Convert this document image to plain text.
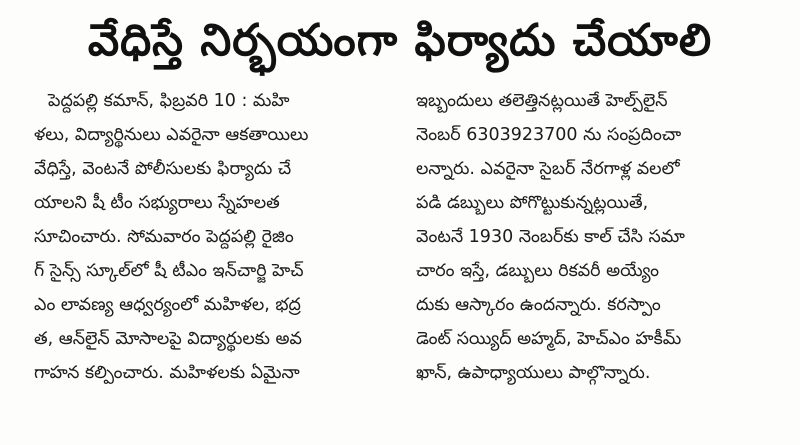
వేధిస్తే నిర్భయంగా ఫిర్యాదు చేయాలి
పెద్దపల్లి కమాన్, ఫిబ్రవరి 10 : మహి
ళలు, విద్యార్థినులు ఎవరైనా ఆకతాయిలు
వేధిస్తే, వెంటనే పోలీసులకు ఫిర్యాదు చే
యాలని షీ టీం సభ్యురాలు స్నేహలత
సూచించారు. సోమవారం పెద్దపల్లి రైజిం
గ్ సైన్స్ స్కూల్‌లో షీ టీఎం ఇన్‌చార్జి హెచ్
ఎం లావణ్య ఆధ్వర్యంలో మహిళల, భద్ర
త, ఆన్‌లైన్ మోసాలపై విద్యార్థులకు అవ
గాహన కల్పించారు. మహిళలకు ఏమైనా
ఇబ్బందులు తలెత్తినట్లయితే హెల్ప్‌లైన్
నెంబర్ 6303923700 ను సంప్రదించా
లన్నారు. ఎవరైనా సైబర్ నేరగాళ్ల వలలో
పడి డబ్బులు పోగొట్టుకున్నట్లయితే,
వెంటనే 1930 నెంబర్‌కు కాల్ చేసి సమా
చారం ఇస్తే, డబ్బులు రికవరీ అయ్యేం
దుకు ఆస్కారం ఉందన్నారు. కరస్పాం
డెంట్ సయ్యిద్ అహ్మద్, హెచ్‌ఎం హకీమ్
ఖాన్, ఉపాధ్యాయులు పాల్గొన్నారు.
